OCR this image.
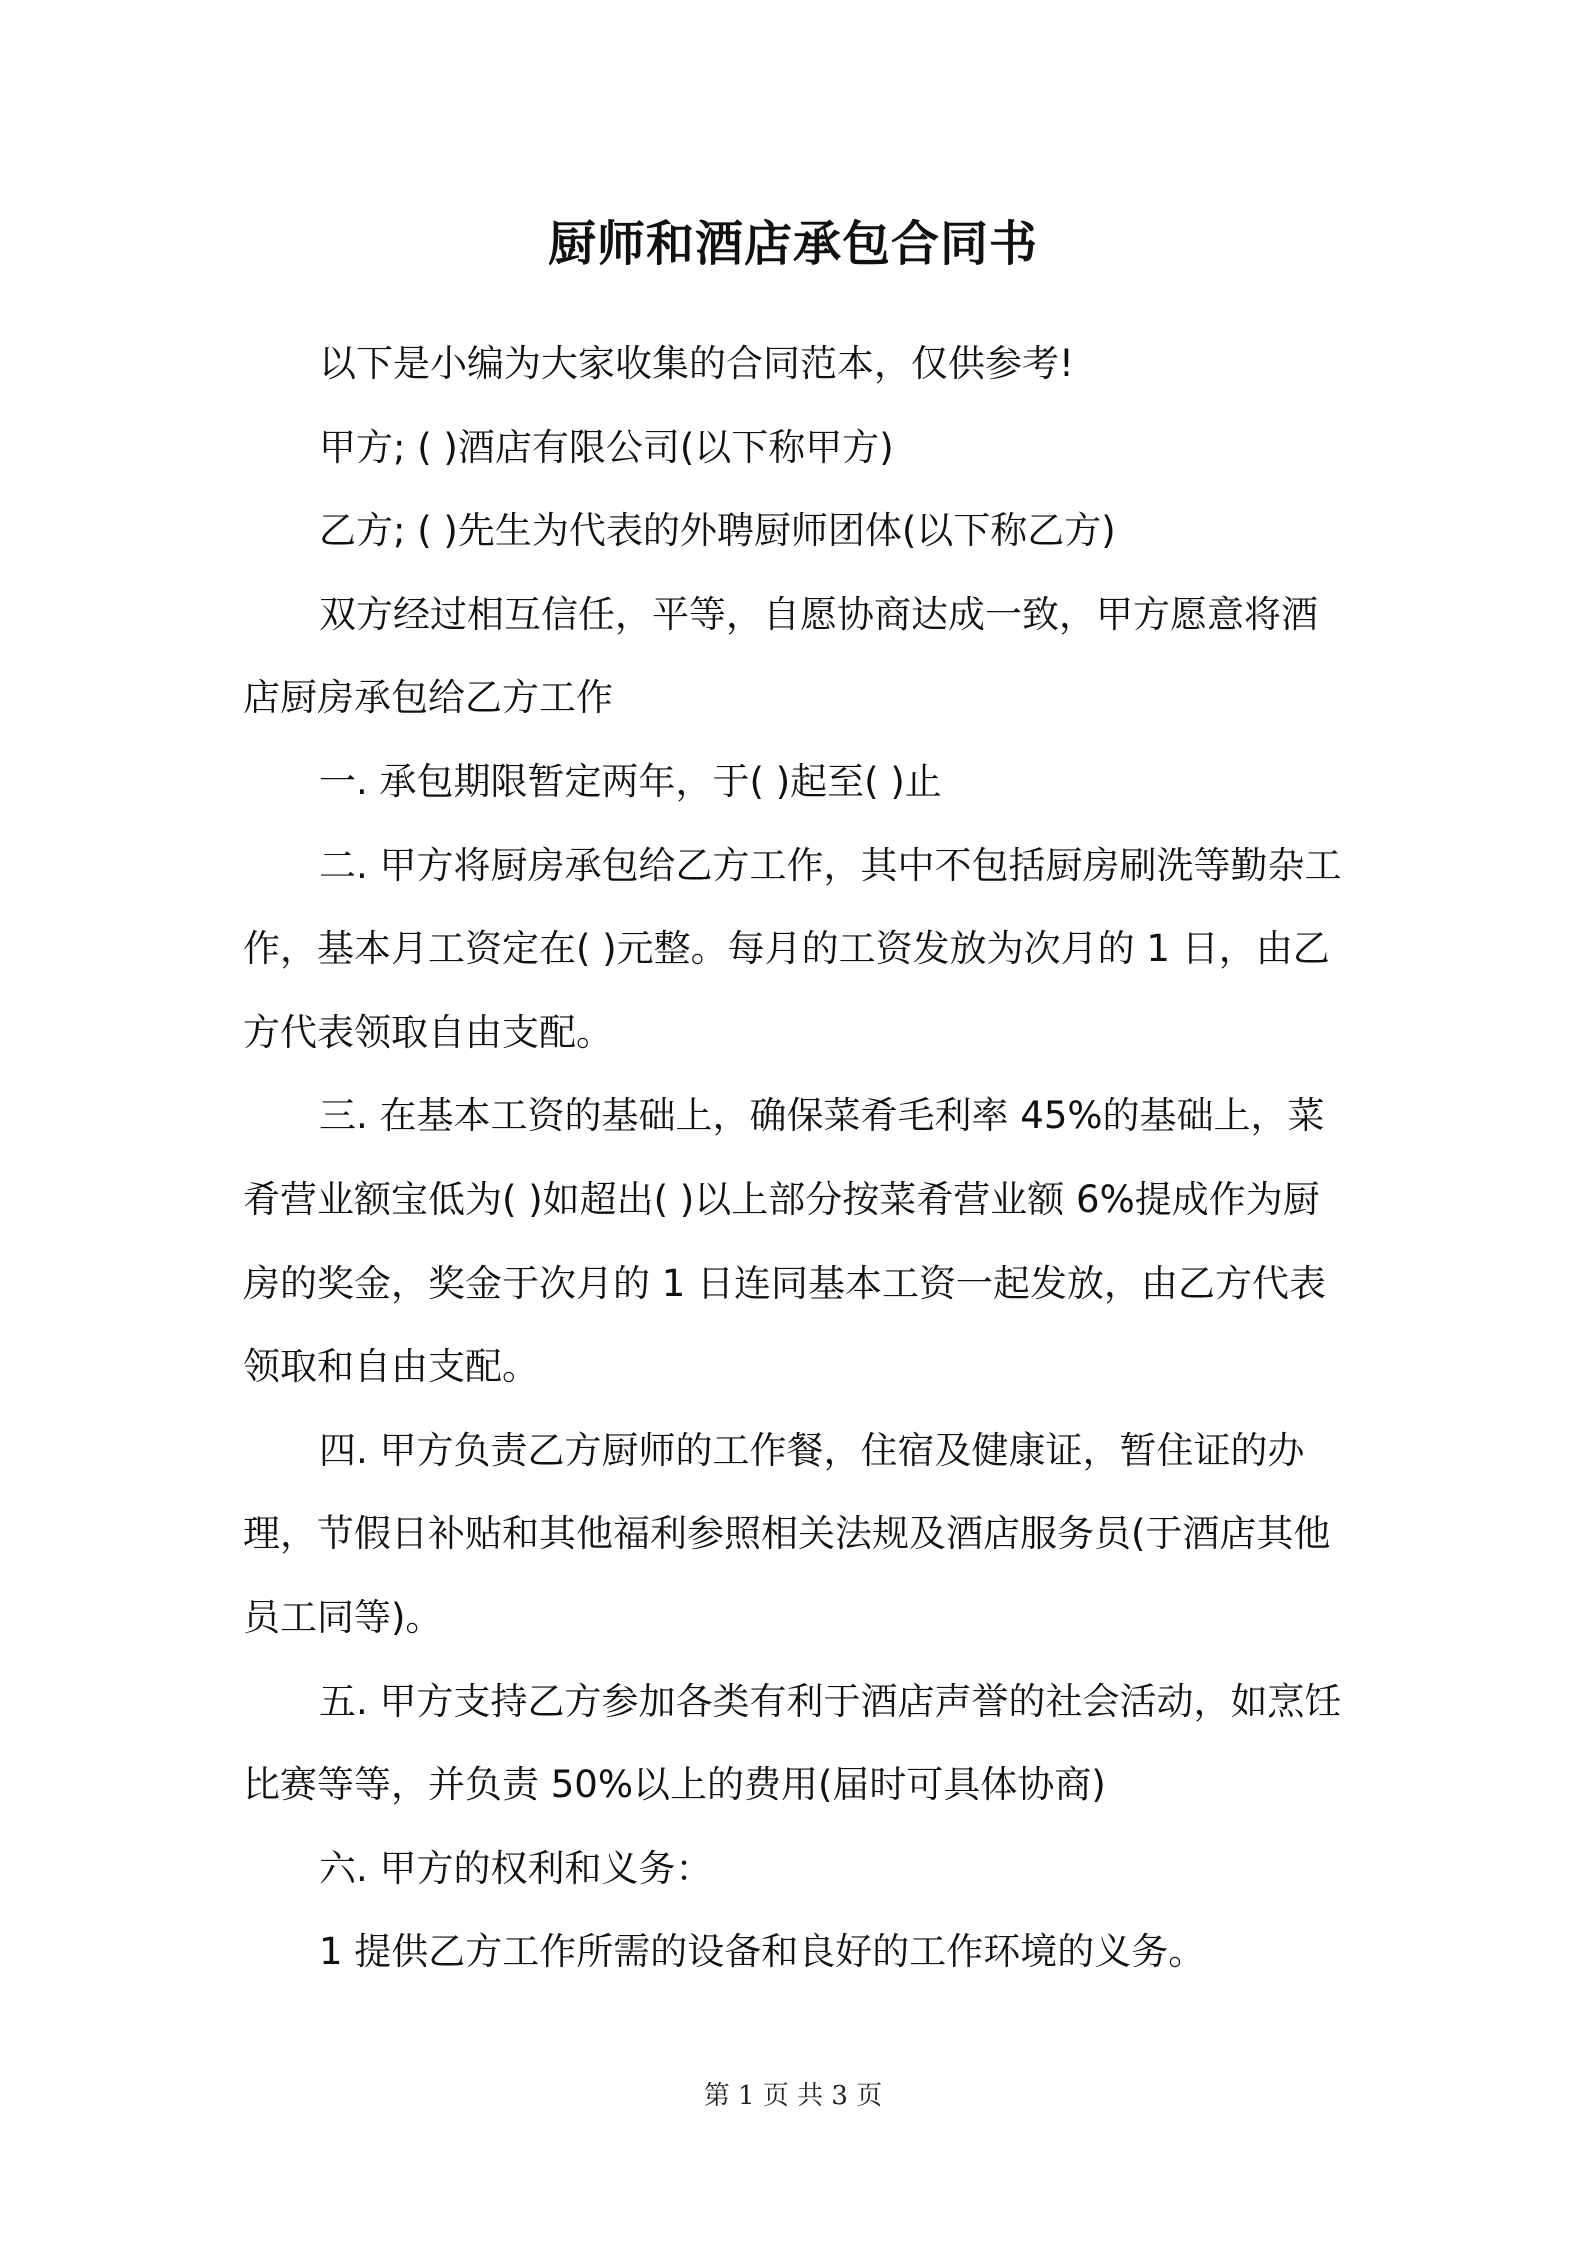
厨师和酒店承包合同书

以下是小编为大家收集的合同范本，仅供参考!

甲方; ( )酒店有限公司(以下称甲方)

乙方; ( )先生为代表的外聘厨师团体(以下称乙方)

双方经过相互信任，平等，自愿协商达成一致，甲方愿意将酒店厨房承包给乙方工作

一. 承包期限暂定两年，于( )起至( )止

二. 甲方将厨房承包给乙方工作，其中不包括厨房刷洗等勤杂工作，基本月工资定在( )元整。每月的工资发放为次月的 1 日，由乙方代表领取自由支配。

三. 在基本工资的基础上，确保菜肴毛利率 45%的基础上，菜肴营业额宝低为( )如超出( )以上部分按菜肴营业额 6%提成作为厨房的奖金，奖金于次月的 1 日连同基本工资一起发放，由乙方代表领取和自由支配。

四. 甲方负责乙方厨师的工作餐，住宿及健康证，暂住证的办理，节假日补贴和其他福利参照相关法规及酒店服务员(于酒店其他员工同等)。

五. 甲方支持乙方参加各类有利于酒店声誉的社会活动，如烹饪比赛等等，并负责 50%以上的费用(届时可具体协商)

六. 甲方的权利和义务：

1 提供乙方工作所需的设备和良好的工作环境的义务。

第 1 页 共 3 页
